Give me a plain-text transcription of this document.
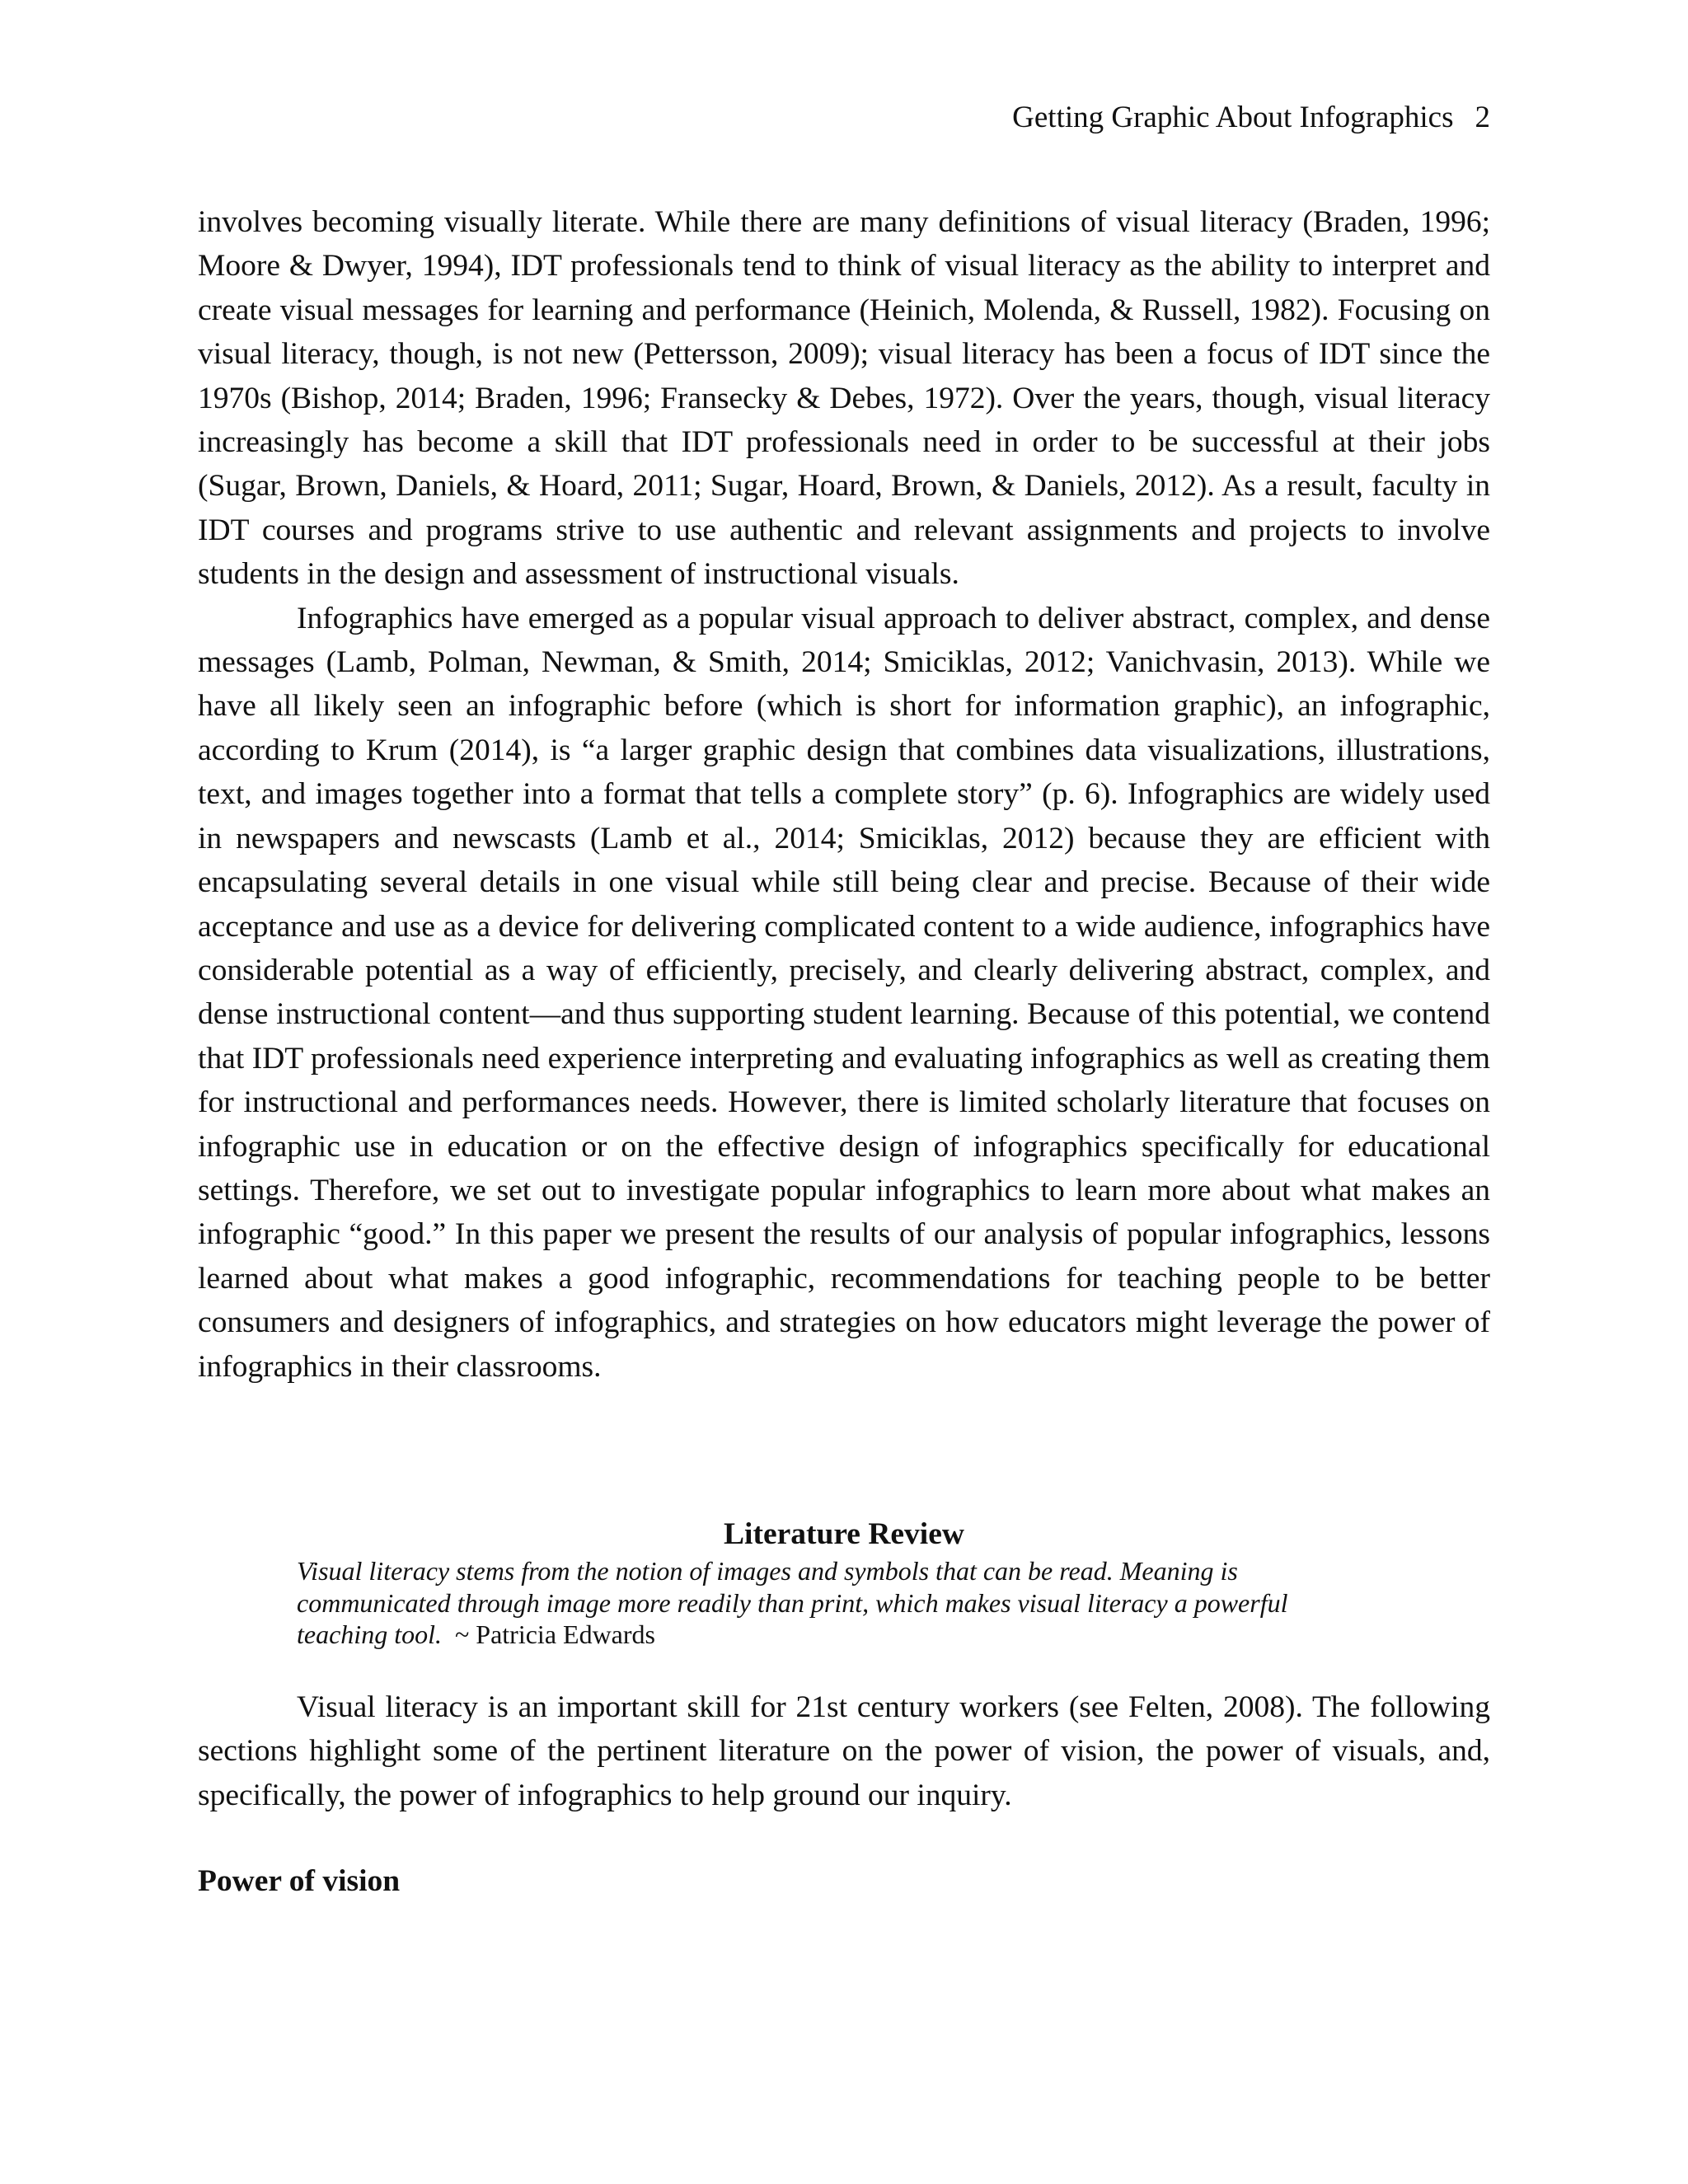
Getting Graphic About Infographics 2

involves becoming visually literate. While there are many definitions of visual literacy (Braden, 1996; Moore & Dwyer, 1994), IDT professionals tend to think of visual literacy as the ability to interpret and create visual messages for learning and performance (Heinich, Molenda, & Russell, 1982). Focusing on visual literacy, though, is not new (Pettersson, 2009); visual literacy has been a focus of IDT since the 1970s (Bishop, 2014; Braden, 1996; Fransecky & Debes, 1972). Over the years, though, visual literacy increasingly has become a skill that IDT professionals need in order to be successful at their jobs (Sugar, Brown, Daniels, & Hoard, 2011; Sugar, Hoard, Brown, & Daniels, 2012). As a result, faculty in IDT courses and programs strive to use authentic and relevant assignments and projects to involve students in the design and assessment of instructional visuals.

Infographics have emerged as a popular visual approach to deliver abstract, complex, and dense messages (Lamb, Polman, Newman, & Smith, 2014; Smiciklas, 2012; Vanichvasin, 2013). While we have all likely seen an infographic before (which is short for information graphic), an infographic, according to Krum (2014), is “a larger graphic design that combines data visualizations, illustrations, text, and images together into a format that tells a complete story” (p. 6). Infographics are widely used in newspapers and newscasts (Lamb et al., 2014; Smiciklas, 2012) because they are efficient with encapsulating several details in one visual while still being clear and precise. Because of their wide acceptance and use as a device for delivering complicated content to a wide audience, infographics have considerable potential as a way of efficiently, precisely, and clearly delivering abstract, complex, and dense instructional content—and thus supporting student learning. Because of this potential, we contend that IDT professionals need experience interpreting and evaluating infographics as well as creating them for instructional and performances needs. However, there is limited scholarly literature that focuses on infographic use in education or on the effective design of infographics specifically for educational settings. Therefore, we set out to investigate popular infographics to learn more about what makes an infographic “good.” In this paper we present the results of our analysis of popular infographics, lessons learned about what makes a good infographic, recommendations for teaching people to be better consumers and designers of infographics, and strategies on how educators might leverage the power of infographics in their classrooms.

Literature Review
Visual literacy stems from the notion of images and symbols that can be read. Meaning is communicated through image more readily than print, which makes visual literacy a powerful teaching tool. ~ Patricia Edwards

Visual literacy is an important skill for 21st century workers (see Felten, 2008). The following sections highlight some of the pertinent literature on the power of vision, the power of visuals, and, specifically, the power of infographics to help ground our inquiry.

Power of vision
